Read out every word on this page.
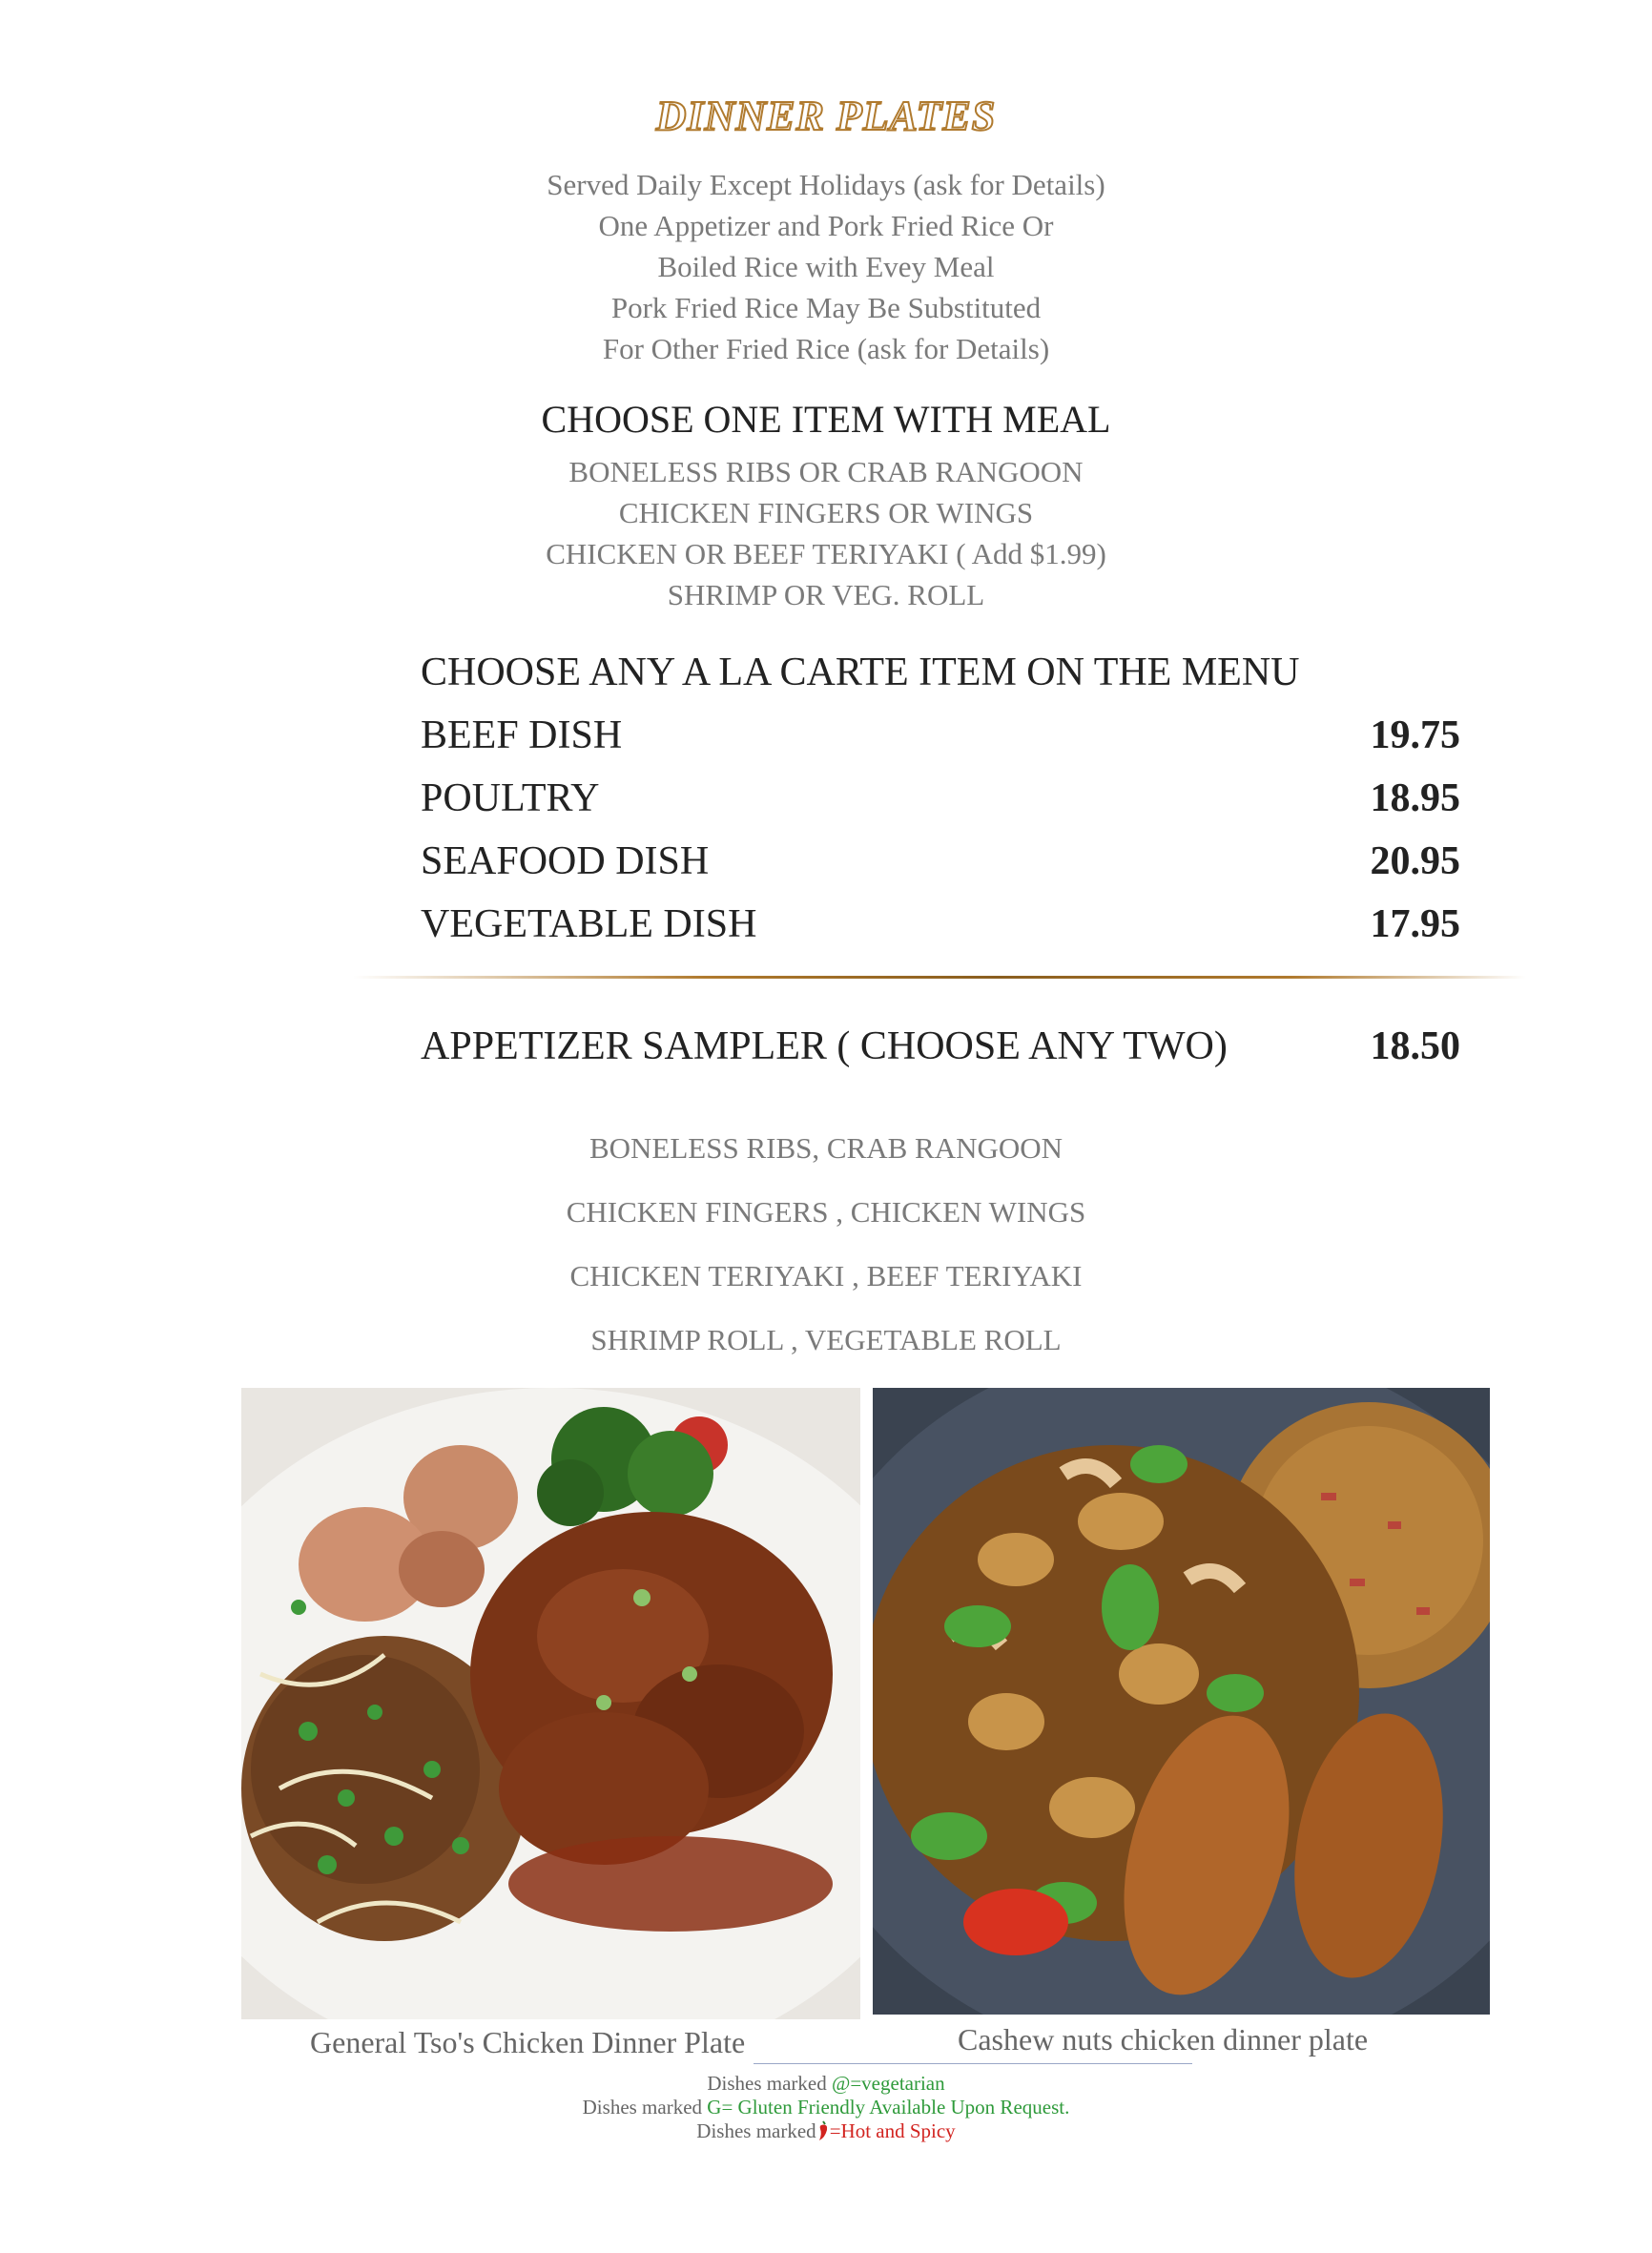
DINNER PLATES
Served Daily Except Holidays (ask for Details)
One Appetizer and Pork Fried Rice Or
Boiled Rice with Evey Meal
Pork Fried Rice May Be Substituted
For Other Fried Rice (ask for Details)
CHOOSE ONE ITEM WITH MEAL
BONELESS RIBS OR CRAB RANGOON
CHICKEN FINGERS OR WINGS
CHICKEN OR BEEF TERIYAKI ( Add $1.99)
SHRIMP OR VEG. ROLL
CHOOSE ANY A LA CARTE ITEM ON THE MENU
BEEF DISH	19.75
POULTRY	18.95
SEAFOOD DISH	20.95
VEGETABLE DISH	17.95
APPETIZER SAMPLER ( CHOOSE ANY TWO)	18.50
BONELESS RIBS, CRAB RANGOON
CHICKEN FINGERS , CHICKEN WINGS
CHICKEN TERIYAKI , BEEF TERIYAKI
SHRIMP ROLL , VEGETABLE ROLL
General Tso's Chicken Dinner Plate	Cashew nuts chicken dinner plate
Dishes marked @=vegetarian
Dishes marked G= Gluten Friendly Available Upon Request.
Dishes marked =Hot and Spicy
